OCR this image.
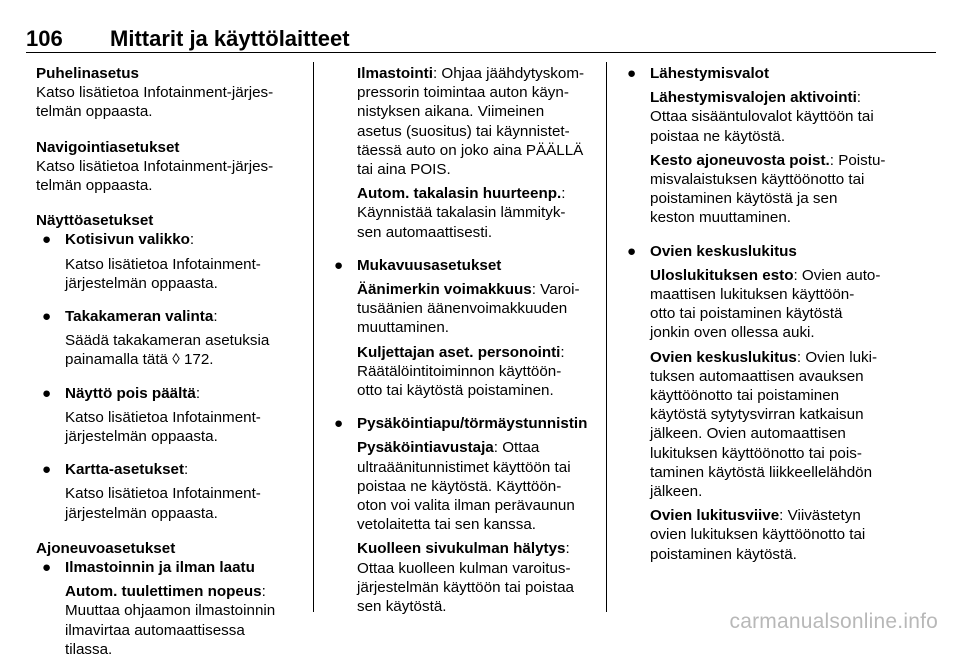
106 Mittarit ja käyttölaitteet

Puhelinasetus

Katso lisätietoa Infotainment-järjes-

telmän oppaasta.

Navigointiasetukset

Katso lisätietoa Infotainment-järjes-

telmän oppaasta.

Näyttöasetukset

● Kotisivun valikko:

Katso lisätietoa Infotainment-

järjestelmän oppaasta.

● Takakameran valinta:

Säädä takakameran asetuksia

painamalla tätä ◊ 172.

● Näyttö pois päältä:

Katso lisätietoa Infotainment-

järjestelmän oppaasta.

● Kartta-asetukset:

Katso lisätietoa Infotainment-

järjestelmän oppaasta.

Ajoneuvoasetukset

● Ilmastoinnin ja ilman laatu

Autom. tuulettimen nopeus:

Muuttaa ohjaamon ilmastoinnin

ilmavirtaa automaattisessa

tilassa.

Ilmastointi: Ohjaa jäähdytyskom-

pressorin toimintaa auton käyn-

nistyksen aikana. Viimeinen

asetus (suositus) tai käynnistet-

täessä auto on joko aina PÄÄLLÄ

tai aina POIS.

Autom. takalasin huurteenp.:

Käynnistää takalasin lämmityk-

sen automaattisesti.

● Mukavuusasetukset

Äänimerkin voimakkuus: Varoi-

tusäänien äänenvoimakkuuden

muuttaminen.

Kuljettajan aset. personointi:

Räätälöintitoiminnon käyttöön-

otto tai käytöstä poistaminen.

● Pysäköintiapu/törmäystunnistin

Pysäköintiavustaja: Ottaa

ultraäänitunnistimet käyttöön tai

poistaa ne käytöstä. Käyttöön-

oton voi valita ilman perävaunun

vetolaitetta tai sen kanssa.

Kuolleen sivukulman hälytys:

Ottaa kuolleen kulman varoitus-

järjestelmän käyttöön tai poistaa

sen käytöstä.

● Lähestymisvalot

Lähestymisvalojen aktivointi:

Ottaa sisääntulovalot käyttöön tai

poistaa ne käytöstä.

Kesto ajoneuvosta poist.: Poistu-

misvalaistuksen käyttöönotto tai

poistaminen käytöstä ja sen

keston muuttaminen.

● Ovien keskuslukitus

Uloslukituksen esto: Ovien auto-

maattisen lukituksen käyttöön-

otto tai poistaminen käytöstä

jonkin oven ollessa auki.

Ovien keskuslukitus: Ovien luki-

tuksen automaattisen avauksen

käyttöönotto tai poistaminen

käytöstä sytytysvirran katkaisun

jälkeen. Ovien automaattisen

lukituksen käyttöönotto tai pois-

taminen käytöstä liikkeellelähdön

jälkeen.

Ovien lukitusviive: Viivästetyn

ovien lukituksen käyttöönotto tai

poistaminen käytöstä.

carmanualsonline.info
